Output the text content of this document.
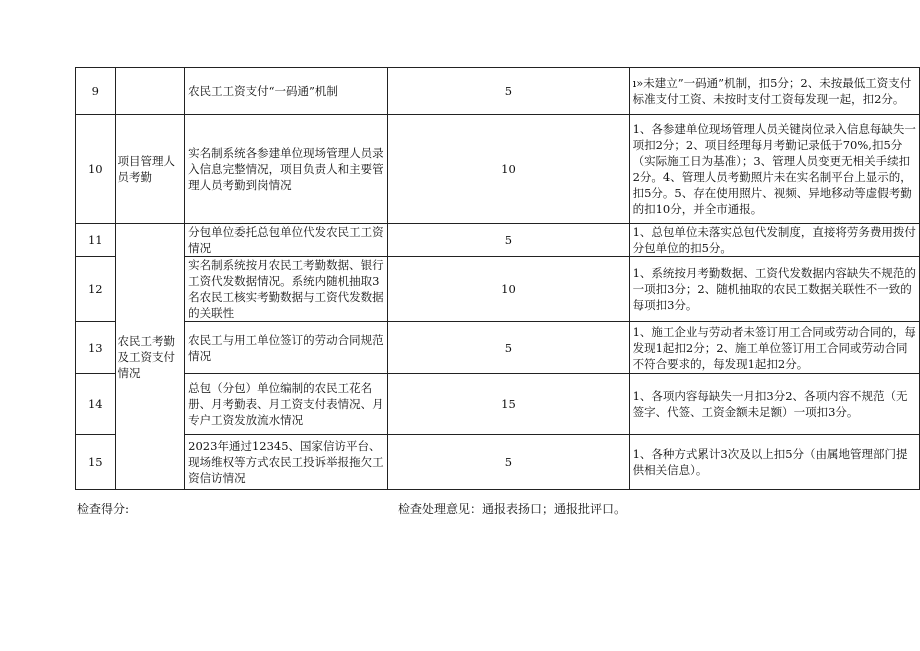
9		农民工工资支付“一码通”机制	5	ı»未建立”一码通”机制，扣5分；2、未按最低工资支付标准支付工资、未按时支付工资每发现一起，扣2分。
10	项目管理人员考勤	实名制系统各参建单位现场管理人员录入信息完整情况，项目负责人和主要管理人员考勤到岗情况	10	1、各参建单位现场管理人员关键岗位录入信息每缺失一项扣2分；2、项目经理每月考勤记录低于70%,扣5分（实际施工日为基准）；3、管理人员变更无相关手续扣2分。4、管理人员考勤照片未在实名制平台上显示的，扣5分。5、存在使用照片、视频、异地移动等虚假考勤的扣10分，并全市通报。
11	农民工考勤及工资支付情况	分包单位委托总包单位代发农民工工资情况	5	1、总包单位未落实总包代发制度，直接将劳务费用拨付分包单位的扣5分。
12		实名制系统按月农民工考勤数据、银行工资代发数据情况。系统内随机抽取3名农民工核实考勤数据与工资代发数据的关联性	10	1、系统按月考勤数据、工资代发数据内容缺失不规范的一项扣3分；2、随机抽取的农民工数据关联性不一致的每项扣3分。
13		农民工与用工单位签订的劳动合同规范情况	5	1、施工企业与劳动者未签订用工合同或劳动合同的，每发现1起扣2分；2、施工单位签订用工合同或劳动合同不符合要求的，每发现1起扣2分。
14		总包（分包）单位编制的农民工花名册、月考勤表、月工资支付表情况、月专户工资发放流水情况	15	1、各项内容每缺失一月扣3分2、各项内容不规范（无签字、代签、工资金额未足额）一项扣3分。
15		2023年通过12345、国家信访平台、现场维权等方式农民工投诉举报拖欠工资信访情况	5	1、各种方式累计3次及以上扣5分（由属地管理部门提供相关信息）。
检查得分:	检查处理意见：通报表扬口；通报批评口。
